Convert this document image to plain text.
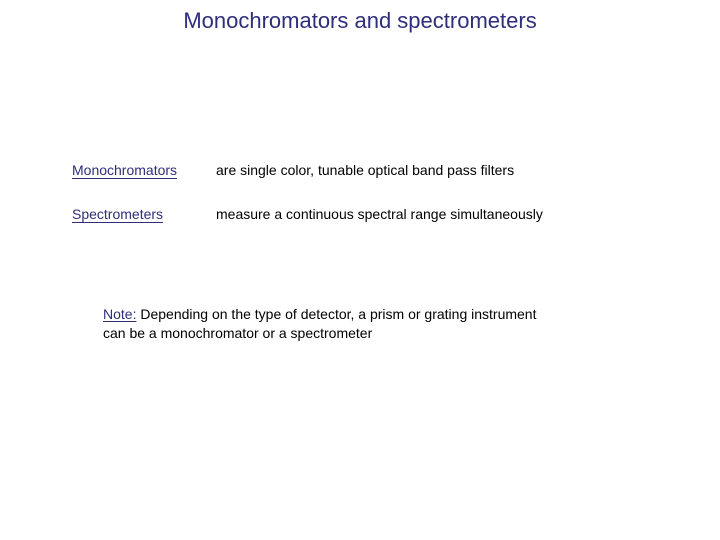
Monochromators and spectrometers
Monochromators	are single color, tunable optical band pass filters
Spectrometers	measure a continuous spectral range simultaneously
Note: Depending on the type of detector, a prism or grating instrument
can be a monochromator or a spectrometer
